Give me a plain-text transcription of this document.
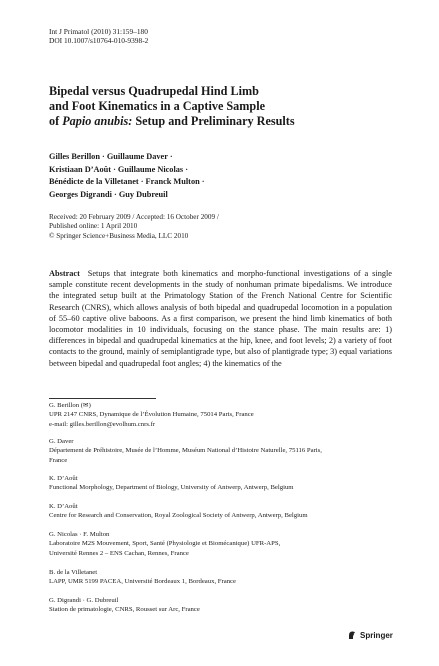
Int J Primatol (2010) 31:159–180
DOI 10.1007/s10764-010-9398-2
Bipedal versus Quadrupedal Hind Limb
and Foot Kinematics in a Captive Sample
of Papio anubis: Setup and Preliminary Results
Gilles Berillon · Guillaume Daver ·
Kristiaan D’Août · Guillaume Nicolas ·
Bénédicte de la Villetanet · Franck Multon ·
Georges Digrandi · Guy Dubreuil
Received: 20 February 2009 / Accepted: 16 October 2009 /
Published online: 1 April 2010
© Springer Science+Business Media, LLC 2010
Abstract Setups that integrate both kinematics and morpho-functional investigations of a single sample constitute recent developments in the study of nonhuman primate bipedalisms. We introduce the integrated setup built at the Primatology Station of the French National Centre for Scientific Research (CNRS), which allows analysis of both bipedal and quadrupedal locomotion in a population of 55–60 captive olive baboons. As a first comparison, we present the hind limb kinematics of both locomotor modalities in 10 individuals, focusing on the stance phase. The main results are: 1) differences in bipedal and quadrupedal kinematics at the hip, knee, and foot levels; 2) a variety of foot contacts to the ground, mainly of semiplantigrade type, but also of plantigrade type; 3) equal variations between bipedal and quadrupedal foot angles; 4) the kinematics of the
G. Berillon (✉)
UPR 2147 CNRS, Dynamique de l’Évolution Humaine, 75014 Paris, France
e-mail: gilles.berillon@evolhum.cnrs.fr
G. Daver
Département de Préhistoire, Musée de l’Homme, Muséum National d’Histoire Naturelle, 75116 Paris,
France
K. D’Août
Functional Morphology, Department of Biology, University of Antwerp, Antwerp, Belgium
K. D’Août
Centre for Research and Conservation, Royal Zoological Society of Antwerp, Antwerp, Belgium
G. Nicolas · F. Multon
Laboratoire M2S Mouvement, Sport, Santé (Physiologie et Biomécanique) UFR-APS,
Université Rennes 2 – ENS Cachan, Rennes, France
B. de la Villetanet
LAPP, UMR 5199 PACEA, Université Bordeaux 1, Bordeaux, France
G. Digrandi · G. Dubreuil
Station de primatologie, CNRS, Rousset sur Arc, France
Springer
